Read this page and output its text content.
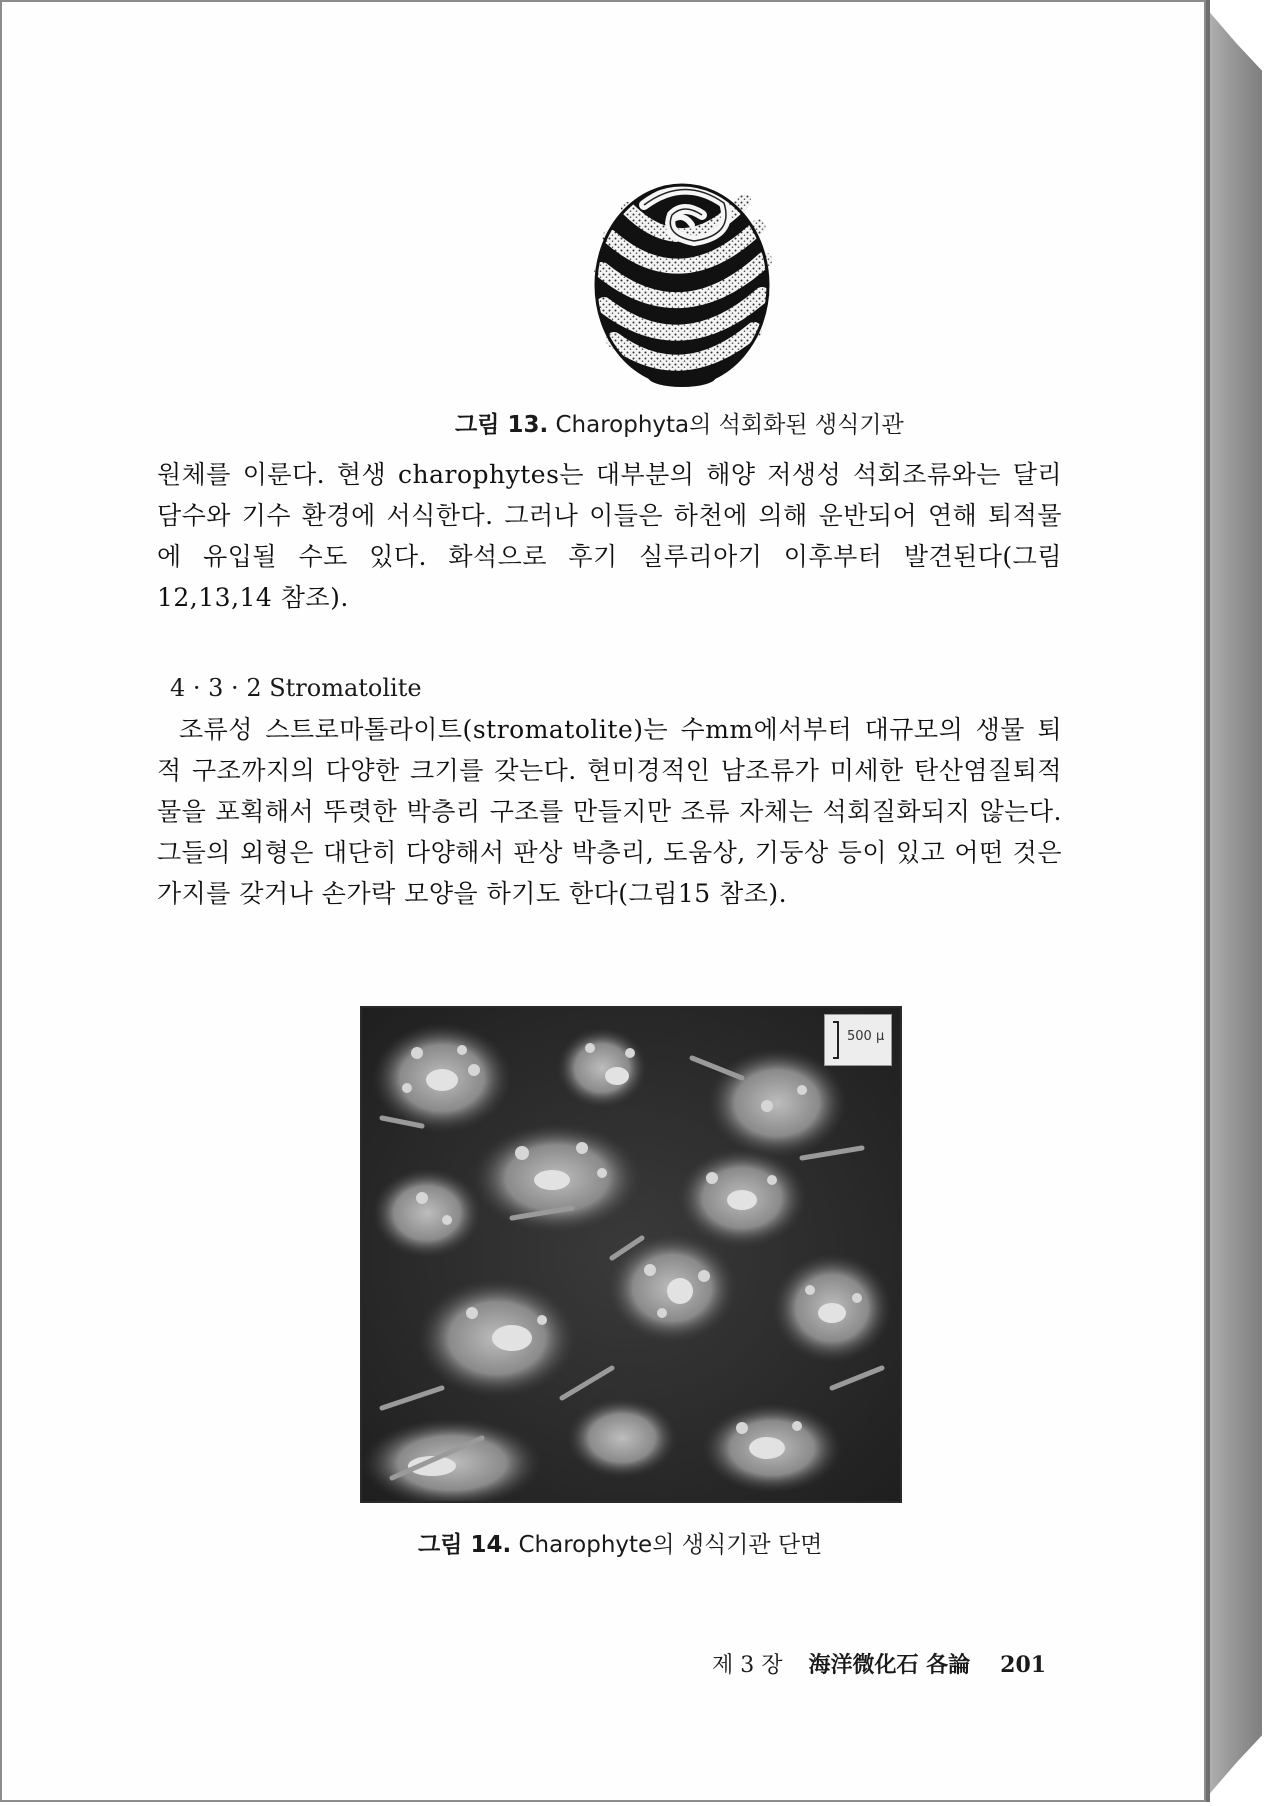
그림 13. Charophyta의 석회화된 생식기관
원체를 이룬다. 현생 charophytes는 대부분의 해양 저생성 석회조류와는 달리 담수와 기수 환경에 서식한다. 그러나 이들은 하천에 의해 운반되어 연해 퇴적물에 유입될 수도 있다. 화석으로 후기 실루리아기 이후부터 발견된다(그림12,13,14 참조).
4 · 3 · 2 Stromatolite
조류성 스트로마톨라이트(stromatolite)는 수mm에서부터 대규모의 생물 퇴적 구조까지의 다양한 크기를 갖는다. 현미경적인 남조류가 미세한 탄산염질퇴적물을 포획해서 뚜렷한 박층리 구조를 만들지만 조류 자체는 석회질화되지 않는다. 그들의 외형은 대단히 다양해서 판상 박층리, 도움상, 기둥상 등이 있고 어떤 것은 가지를 갖거나 손가락 모양을 하기도 한다(그림15 참조).
500 μ
그림 14. Charophyte의 생식기관 단면
제 3 장 海洋微化石 各論 201
